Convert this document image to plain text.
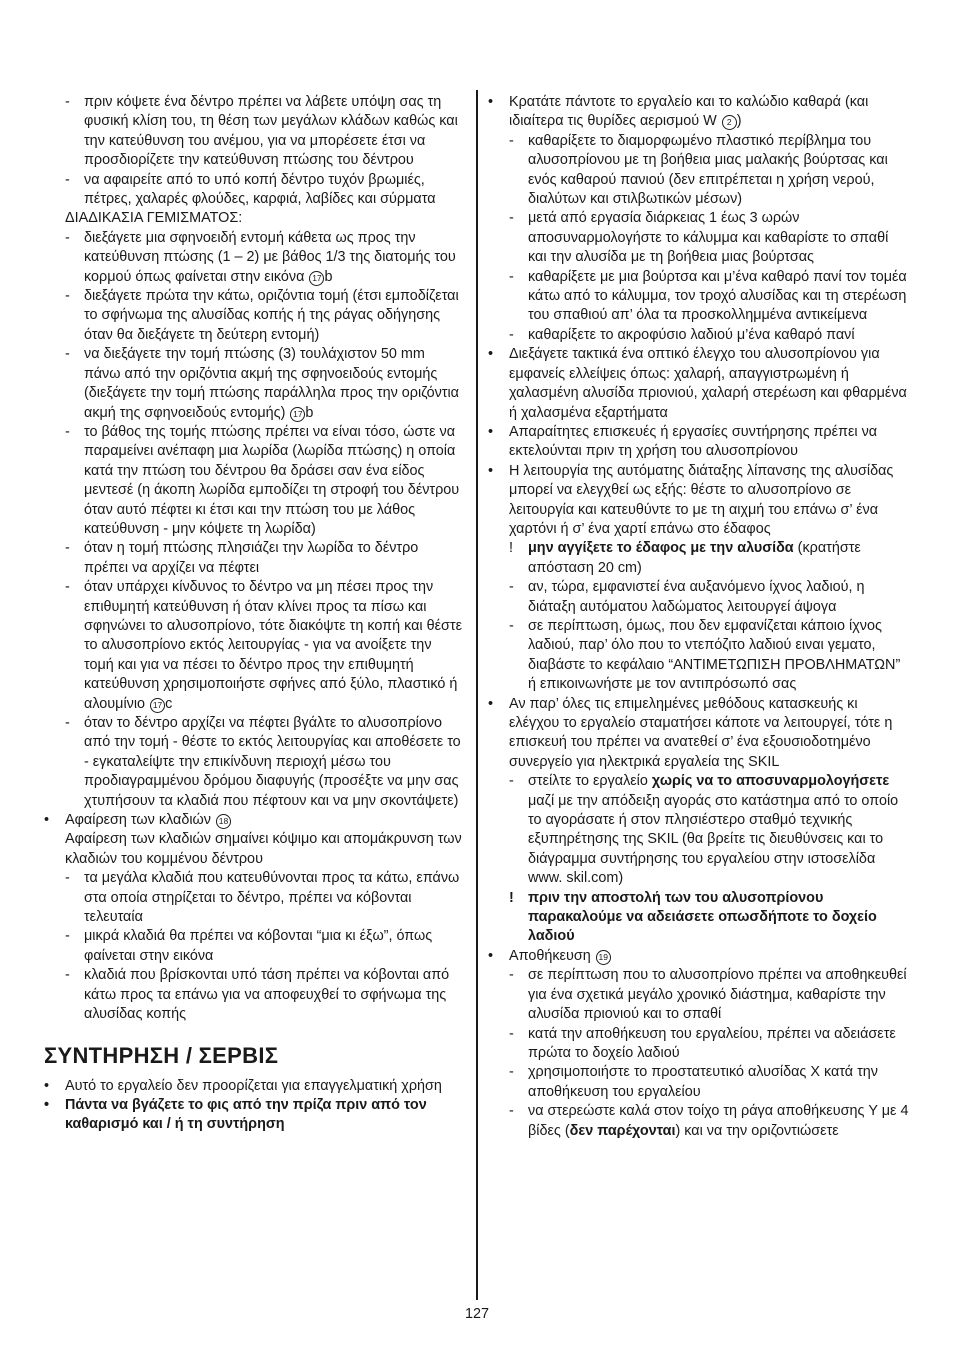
- πριν κόψετε ένα δέντρο πρέπει να λάβετε υπόψη σας τη φυσική κλίση του, τη θέση των μεγάλων κλάδων καθώς και την κατεύθυνση του ανέμου, για να μπορέσετε έτσι να προσδιορίζετε την κατεύθυνση πτώσης του δέντρου
- να αφαιρείτε από το υπό κοπή δέντρο τυχόν βρωμιές, πέτρες, χαλαρές φλούδες, καρφιά, λαβίδες και σύρματα
ΔΙΑΔΙΚΑΣΙΑ ΓΕΜΙΣΜΑΤΟΣ:
- διεξάγετε μια σφηνοειδή εντομή κάθετα ως προς την κατεύθυνση πτώσης (1 – 2) με βάθος 1/3 της διατομής του κορμού όπως φαίνεται στην εικόνα 17 b
- διεξάγετε πρώτα την κάτω, οριζόντια τομή (έτσι εμποδίζεται το σφήνωμα της αλυσίδας κοπής ή της ράγας οδήγησης όταν θα διεξάγετε τη δεύτερη εντομή)
- να διεξάγετε την τομή πτώσης (3) τουλάχιστον 50 mm πάνω από την οριζόντια ακμή της σφηνοειδούς εντομής (διεξάγετε την τομή πτώσης παράλληλα προς την οριζόντια ακμή της σφηνοειδούς εντομής) 17 b
- το βάθος της τομής πτώσης πρέπει να είναι τόσο, ώστε να παραμείνει ανέπαφη μια λωρίδα (λωρίδα πτώσης) η οποία κατά την πτώση του δέντρου θα δράσει σαν ένα είδος μεντεσέ (η άκοπη λωρίδα εμποδίζει τη στροφή του δέντρου όταν αυτό πέφτει κι έτσι και την πτώση του με λάθος κατεύθυνση - μην κόψετε τη λωρίδα)
- όταν η τομή πτώσης πλησιάζει την λωρίδα το δέντρο πρέπει να αρχίζει να πέφτει
- όταν υπάρχει κίνδυνος το δέντρο να μη πέσει προς την επιθυμητή κατεύθυνση ή όταν κλίνει προς τα πίσω και σφηνώνει το αλυσοπρίονο, τότε διακόψτε τη κοπή και θέστε το αλυσοπρίονο εκτός λειτουργίας - για να ανοίξετε την τομή και για να πέσει το δέντρο προς την επιθυμητή κατεύθυνση χρησιμοποιήστε σφήνες από ξύλο, πλαστικό ή αλουμίνιο 17 c
- όταν το δέντρο αρχίζει να πέφτει βγάλτε το αλυσοπρίονο από την τομή - θέστε το εκτός λειτουργίας και αποθέσετε το - εγκαταλείψτε την επικίνδυνη περιοχή μέσω του προδιαγραμμένου δρόμου διαφυγής (προσέξτε να μην σας χτυπήσουν τα κλαδιά που πέφτουν και να μην σκοντάψετε)
• Αφαίρεση των κλαδιών 18
Αφαίρεση των κλαδιών σημαίνει κόψιμο και απομάκρυνση των κλαδιών του κομμένου δέντρου
- τα μεγάλα κλαδιά που κατευθύνονται προς τα κάτω, επάνω στα οποία στηρίζεται το δέντρο, πρέπει να κόβονται τελευταία
- μικρά κλαδιά θα πρέπει να κόβονται “μια κι έξω”, όπως φαίνεται στην εικόνα
- κλαδιά που βρίσκονται υπό τάση πρέπει να κόβονται από κάτω προς τα επάνω για να αποφευχθεί το σφήνωμα της αλυσίδας κοπής
ΣΥΝΤΗΡΗΣΗ / ΣΕΡΒΙΣ
• Αυτό το εργαλείο δεν προορίζεται για επαγγελματική χρήση
• Πάντα να βγάζετε το φις από την πρίζα πριν από τον καθαρισμό και / ή τη συντήρηση
• Κρατάτε πάντοτε το εργαλείο και το καλώδιο καθαρά (και ιδιαίτερα τις θυρίδες αερισμού W 2 )
- καθαρίξετε το διαμορφωμένο πλαστικό περίβλημα του αλυσοπρίονου με τη βοήθεια μιας μαλακής βούρτσας και ενός καθαρού πανιού (δεν επιτρέπεται η χρήση νερού, διαλύτων και στιλβωτικών μέσων)
- μετά από εργασία διάρκειας 1 έως 3 ωρών αποσυναρμολογήστε το κάλυμμα και καθαρίστε το σπαθί και την αλυσίδα με τη βοήθεια μιας βούρτσας
- καθαρίξετε με μια βούρτσα και μ’ένα καθαρό πανί τον τομέα κάτω από το κάλυμμα, τον τροχό αλυσίδας και τη στερέωση του σπαθιού απ’ όλα τα προσκολλημμένα αντικείμενα
- καθαρίξετε το ακροφύσιο λαδιού μ’ένα καθαρό πανί
• Διεξάγετε τακτικά ένα οπτικό έλεγχο του αλυσοπρίονου για εμφανείς ελλείψεις όπως: χαλαρή, απαγγιστρωμένη ή χαλασμένη αλυσίδα πριονιού, χαλαρή στερέωση και φθαρμένα ή χαλασμένα εξαρτήματα
• Απαραίτητες επισκευές ή εργασίες συντήρησης πρέπει να εκτελούνται πριν τη χρήση του αλυσοπρίονου
• Η λειτουργία της αυτόματης διάταξης λίπανσης της αλυσίδας μπορεί να ελεγχθεί ως εξής: θέστε το αλυσοπρίονο σε λειτουργία και κατευθύντε το με τη αιχμή του επάνω σ’ ένα χαρτόνι ή σ’ ένα χαρτί επάνω στο έδαφος
! μην αγγίξετε το έδαφος με την αλυσίδα (κρατήστε απόσταση 20 cm)
- αν, τώρα, εμφανιστεί ένα αυξανόμενο ίχνος λαδιού, η διάταξη αυτόματου λαδώματος λειτουργεί άψογα
- σε περίπτωση, όμως, που δεν εμφανίζεται κάποιο ίχνος λαδιού, παρ’ όλο που το ντεπόζιτο λαδιού ειναι γεματο, διαβάστε το κεφάλαιο “ΑΝΤΙΜΕΤΩΠΙΣΗ ΠΡΟΒΛΗΜΑΤΩΝ” ή επικοινωνήστε με τον αντιπρόσωπό σας
• Αν παρ’ όλες τις επιμελημένες μεθόδους κατασκευής κι ελέγχου το εργαλείο σταματήσει κάποτε να λειτουργεί, τότε η επισκευή του πρέπει να ανατεθεί σ’ ένα εξουσιοδοτημένο συνεργείο για ηλεκτρικά εργαλεία της SKIL
- στείλτε το εργαλείο χωρίς να το αποσυναρμολογήσετε μαζί με την απόδειξη αγοράς στο κατάστημα από το οποίο το αγοράσατε ή στον πλησιέστερο σταθμό τεχνικής εξυπηρέτησης της SKIL (θα βρείτε τις διευθύνσεις και το διάγραμμα συντήρησης του εργαλείου στην ιστοσελίδα www. skil.com)
! πριν την αποστολή των του αλυσοπρίονου παρακαλούμε να αδειάσετε οπωσδήποτε το δοχείο λαδιού
• Αποθήκευση 19
- σε περίπτωση που το αλυσοπρίονο πρέπει να αποθηκευθεί για ένα σχετικά μεγάλο χρονικό διάστημα, καθαρίστε την αλυσίδα πριονιού και το σπαθί
- κατά την αποθήκευση του εργαλείου, πρέπει να αδειάσετε πρώτα το δοχείο λαδιού
- χρησιμοποιήστε το προστατευτικό αλυσίδας X κατά την αποθήκευση του εργαλείου
- να στερεώστε καλά στον τοίχο τη ράγα αποθήκευσης Y με 4 βίδες (δεν παρέχονται) και να την οριζοντιώσετε
127
